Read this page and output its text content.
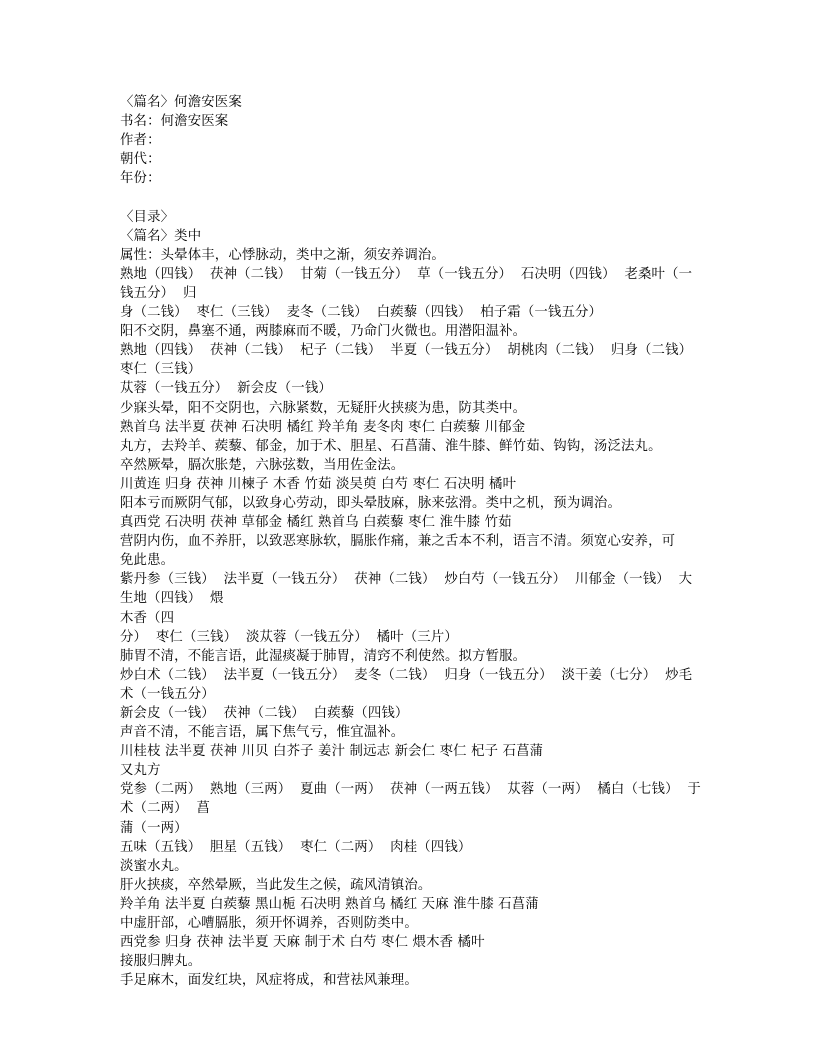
〈篇名〉何澹安医案
书名：何澹安医案
作者：
朝代：
年份：
〈目录〉
〈篇名〉类中
属性：头晕体丰，心悸脉动，类中之渐，须安养调治。
熟地（四钱）  茯神（二钱）  甘菊（一钱五分）  草（一钱五分）  石决明（四钱）  老桑叶（一
钱五分）  归
身（二钱）  枣仁（三钱）  麦冬（二钱）  白蒺藜（四钱）  柏子霜（一钱五分）
阳不交阴，鼻塞不通，两膝麻而不暖，乃命门火微也。用潜阳温补。
熟地（四钱）  茯神（二钱）  杞子（二钱）  半夏（一钱五分）  胡桃肉（二钱）  归身（二钱）
枣仁（三钱）
苁蓉（一钱五分）  新会皮（一钱）
少寐头晕，阳不交阴也，六脉紧数，无疑肝火挟痰为患，防其类中。
熟首乌 法半夏 茯神 石决明 橘红 羚羊角 麦冬肉 枣仁 白蒺藜 川郁金
丸方，去羚羊、蒺藜、郁金，加于术、胆星、石菖蒲、淮牛膝、鲜竹茹、钩钩，汤泛法丸。
卒然厥晕，膈次胀楚，六脉弦数，当用佐金法。
川黄连 归身 茯神 川楝子 木香 竹茹 淡吴萸 白芍 枣仁 石决明 橘叶
阳本亏而厥阴气郁，以致身心劳动，即头晕肢麻，脉来弦滑。类中之机，预为调治。
真西党 石决明 茯神 草郁金 橘红 熟首乌 白蒺藜 枣仁 淮牛膝 竹茹
营阴内伤，血不养肝，以致恶寒脉软，膈胀作痛，兼之舌本不利，语言不清。须宽心安养，可
免此患。
紫丹参（三钱）  法半夏（一钱五分）  茯神（二钱）  炒白芍（一钱五分）  川郁金（一钱）  大
生地（四钱）  煨
木香（四
分）  枣仁（三钱）  淡苁蓉（一钱五分）  橘叶（三片）
肺胃不清，不能言语，此湿痰凝于肺胃，清窍不利使然。拟方暂服。
炒白术（二钱）  法半夏（一钱五分）  麦冬（二钱）  归身（一钱五分）  淡干姜（七分）  炒毛
术（一钱五分）
新会皮（一钱）  茯神（二钱）  白蒺藜（四钱）
声音不清，不能言语，属下焦气亏，惟宜温补。
川桂枝 法半夏 茯神 川贝 白芥子 姜汁 制远志 新会仁 枣仁 杞子 石菖蒲
又丸方
党参（二两）  熟地（三两）  夏曲（一两）  茯神（一两五钱）  苁蓉（一两）  橘白（七钱）  于
术（二两）  菖
蒲（一两）
五味（五钱）  胆星（五钱）  枣仁（二两）  肉桂（四钱）
淡蜜水丸。
肝火挟痰，卒然晕厥，当此发生之候，疏风清镇治。
羚羊角 法半夏 白蒺藜 黑山栀 石决明 熟首乌 橘红 天麻 淮牛膝 石菖蒲
中虚肝部，心嘈膈胀，须开怀调养，否则防类中。
西党参 归身 茯神 法半夏 天麻 制于术 白芍 枣仁 煨木香 橘叶
接服归脾丸。
手足麻木，面发红块，风症将成，和营祛风兼理。
